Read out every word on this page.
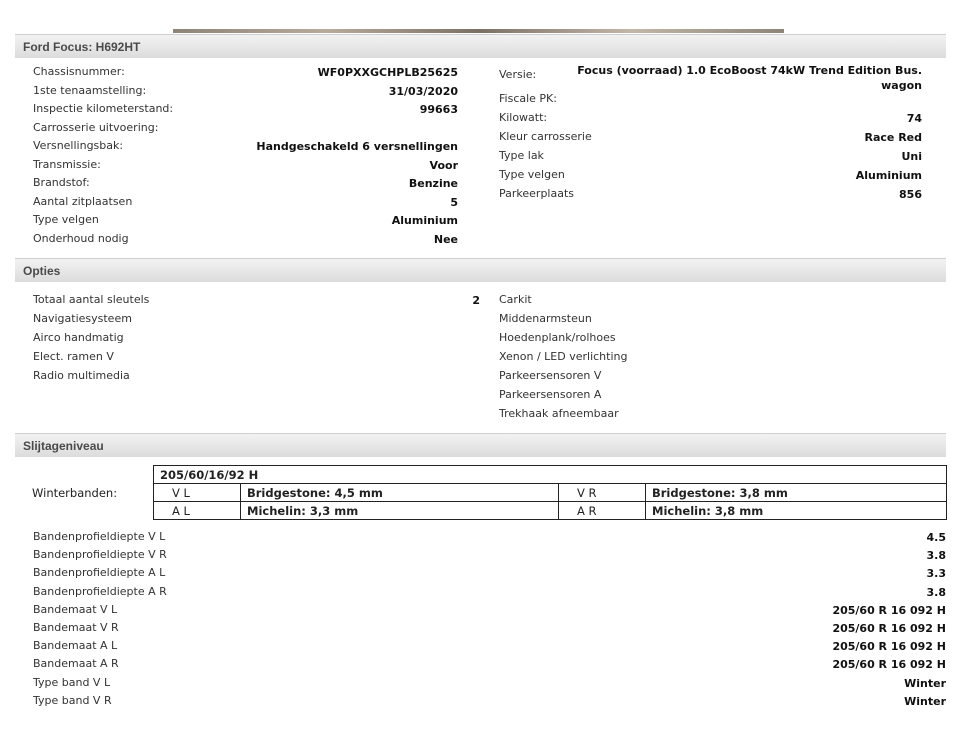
Ford Focus: H692HT
Chassisnummer:	WF0PXXGCHPLB25625
1ste tenaamstelling:	31/03/2020
Inspectie kilometerstand:	99663
Carrosserie uitvoering:
Versnellingsbak:	Handgeschakeld 6 versnellingen
Transmissie:	Voor
Brandstof:	Benzine
Aantal zitplaatsen	5
Type velgen	Aluminium
Onderhoud nodig	Nee
Versie:	Focus (voorraad) 1.0 EcoBoost 74kW Trend Edition Bus.
wagon
Fiscale PK:
Kilowatt:	74
Kleur carrosserie	Race Red
Type lak	Uni
Type velgen	Aluminium
Parkeerplaats	856
Opties
Totaal aantal sleutels	2
Navigatiesysteem
Airco handmatig
Elect. ramen V
Radio multimedia
Carkit
Middenarmsteun
Hoedenplank/rolhoes
Xenon / LED verlichting
Parkeersensoren V
Parkeersensoren A
Trekhaak afneembaar
Slijtageniveau
Winterbanden:	205/60/16/92 H			
	V L	Bridgestone: 4,5 mm	V R	Bridgestone: 3,8 mm
	A L	Michelin: 3,3 mm	A R	Michelin: 3,8 mm
Bandenprofieldiepte V L	4.5
Bandenprofieldiepte V R	3.8
Bandenprofieldiepte A L	3.3
Bandenprofieldiepte A R	3.8
Bandemaat V L	205/60 R 16 092 H
Bandemaat V R	205/60 R 16 092 H
Bandemaat A L	205/60 R 16 092 H
Bandemaat A R	205/60 R 16 092 H
Type band V L	Winter
Type band V R	Winter
